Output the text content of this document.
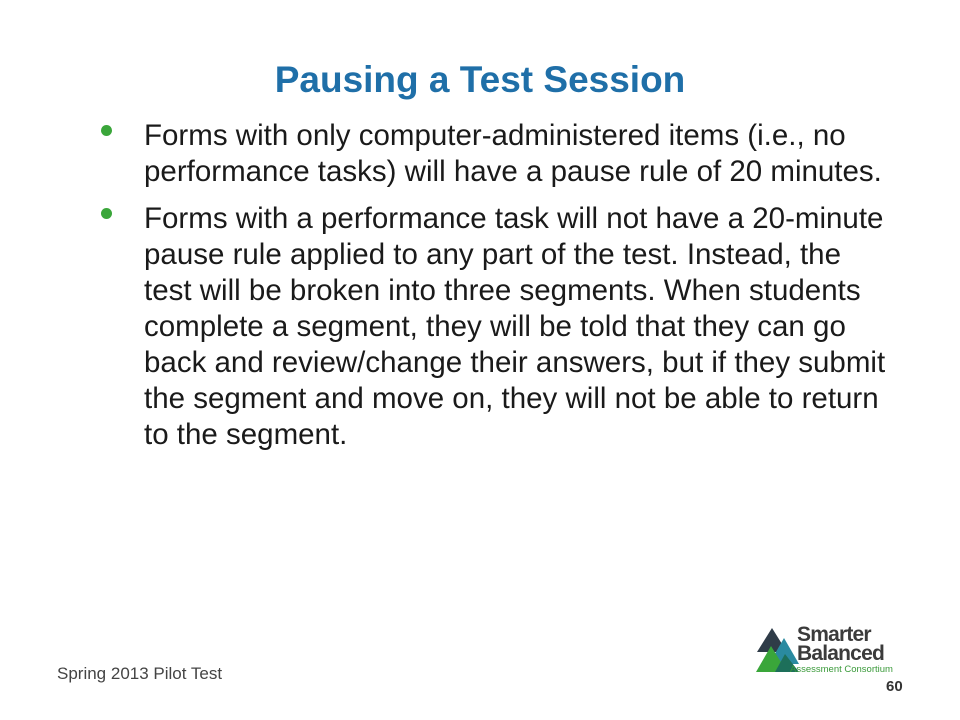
Pausing a Test Session
Forms with only computer-administered items (i.e., no performance tasks) will have a pause rule of 20 minutes.
Forms with a performance task will not have a 20-minute pause rule applied to any part of the test. Instead, the test will be broken into three segments. When students complete a segment, they will be told that they can go back and review/change their answers, but if they submit the segment and move on, they will not be able to return to the segment.
Spring 2013 Pilot Test
Smarter
Balanced
Assessment Consortium
60
